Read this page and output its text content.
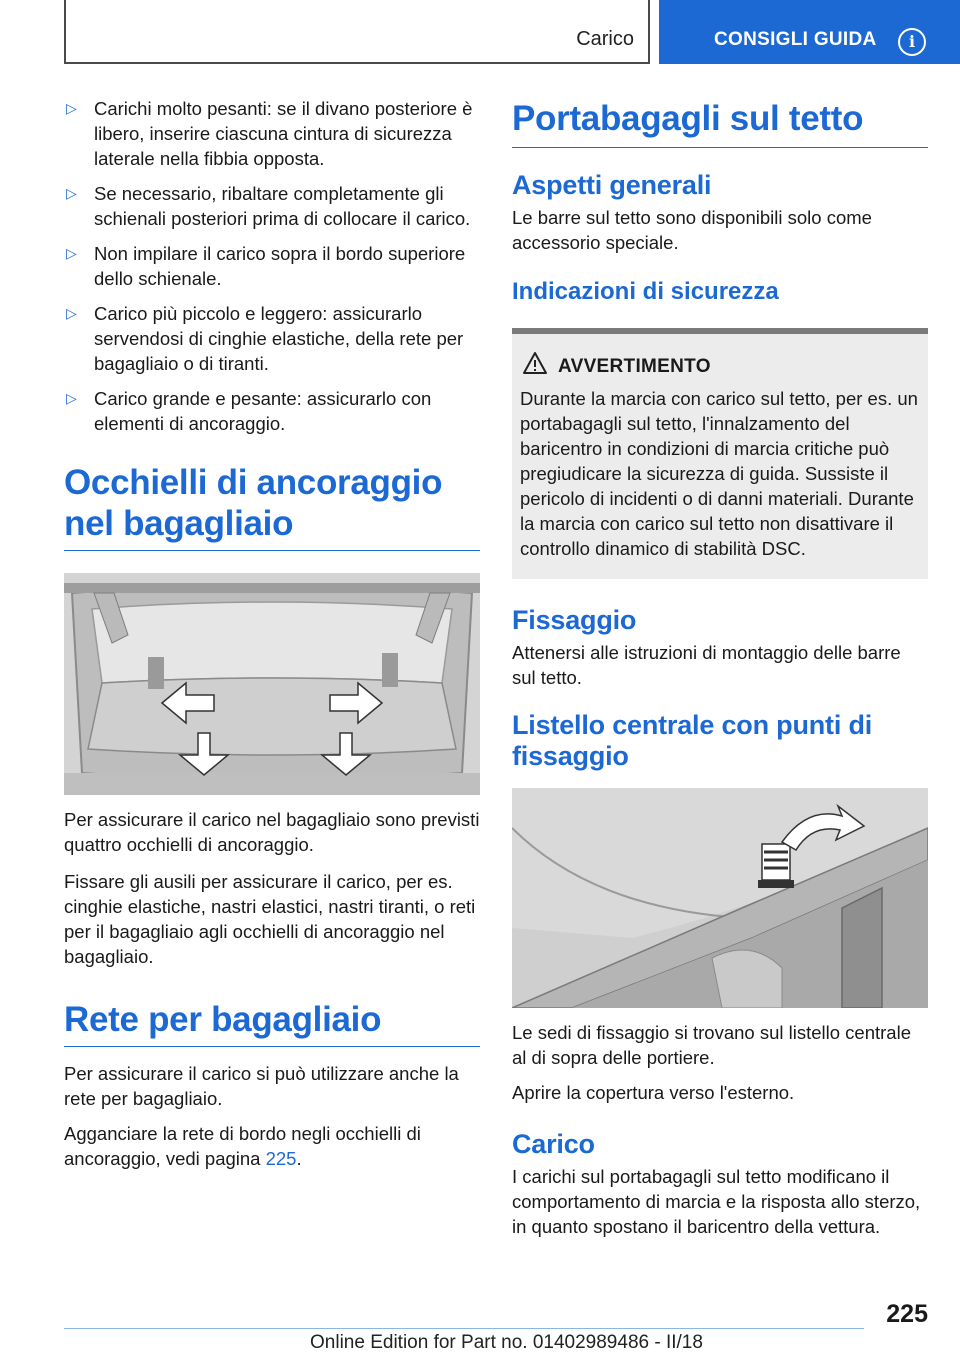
Carico	CONSIGLI GUIDA	i
▷ Carichi molto pesanti: se il divano posteriore è libero, inserire ciascuna cintura di sicurezza laterale nella fibbia opposta.
▷ Se necessario, ribaltare completamente gli schienali posteriori prima di collocare il carico.
▷ Non impilare il carico sopra il bordo superiore dello schienale.
▷ Carico più piccolo e leggero: assicurarlo servendosi di cinghie elastiche, della rete per bagagliaio o di tiranti.
▷ Carico grande e pesante: assicurarlo con elementi di ancoraggio.
Occhielli di ancoraggio nel bagagliaio

Per assicurare il carico nel bagagliaio sono previsti quattro occhielli di ancoraggio.

Fissare gli ausili per assicurare il carico, per es. cinghie elastiche, nastri elastici, nastri tiranti, o reti per il bagagliaio agli occhielli di ancoraggio nel bagagliaio.

Rete per bagagliaio

Per assicurare il carico si può utilizzare anche la rete per bagagliaio.

Agganciare la rete di bordo negli occhielli di ancoraggio, vedi pagina 225.

Portabagagli sul tetto
Aspetti generali

Le barre sul tetto sono disponibili solo come accessorio speciale.

Indicazioni di sicurezza
AVVERTIMENTO

Durante la marcia con carico sul tetto, per es. un portabagagli sul tetto, l'innalzamento del baricentro in condizioni di marcia critiche può pregiudicare la sicurezza di guida. Sussiste il pericolo di incidenti o di danni materiali. Durante la marcia con carico sul tetto non disattivare il controllo dinamico di stabilità DSC.

Fissaggio

Attenersi alle istruzioni di montaggio delle barre sul tetto.

Listello centrale con punti di fissaggio

Le sedi di fissaggio si trovano sul listello centrale al di sopra delle portiere.

Aprire la copertura verso l'esterno.

Carico

I carichi sul portabagagli sul tetto modificano il comportamento di marcia e la risposta allo sterzo, in quanto spostano il baricentro della vettura.

225
Online Edition for Part no. 01402989486 - II/18
